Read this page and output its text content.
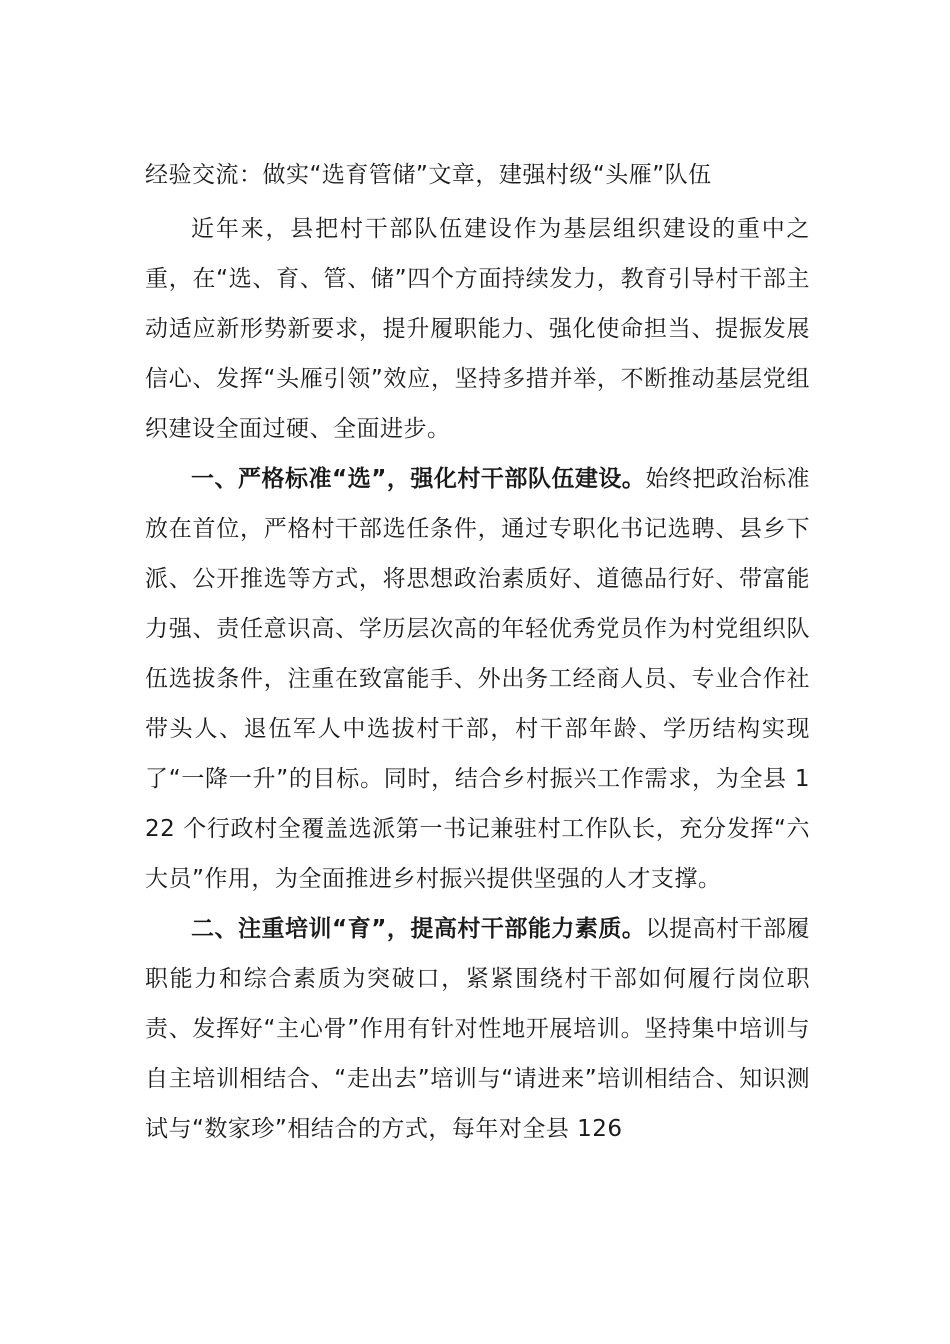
经验交流：做实“选育管储”文章，建强村级“头雁”队伍

近年来，县把村干部队伍建设作为基层组织建设的重中之重，在“选、育、管、储”四个方面持续发力，教育引导村干部主动适应新形势新要求，提升履职能力、强化使命担当、提振发展信心、发挥“头雁引领”效应，坚持多措并举，不断推动基层党组织建设全面过硬、全面进步。

一、严格标准“选”，强化村干部队伍建设。始终把政治标准放在首位，严格村干部选任条件，通过专职化书记选聘、县乡下派、公开推选等方式，将思想政治素质好、道德品行好、带富能力强、责任意识高、学历层次高的年轻优秀党员作为村党组织队伍选拔条件，注重在致富能手、外出务工经商人员、专业合作社带头人、退伍军人中选拔村干部，村干部年龄、学历结构实现了“一降一升”的目标。同时，结合乡村振兴工作需求，为全县 122 个行政村全覆盖选派第一书记兼驻村工作队长，充分发挥“六大员”作用，为全面推进乡村振兴提供坚强的人才支撑。

二、注重培训“育”，提高村干部能力素质。以提高村干部履职能力和综合素质为突破口，紧紧围绕村干部如何履行岗位职责、发挥好“主心骨”作用有针对性地开展培训。坚持集中培训与自主培训相结合、“走出去”培训与“请进来”培训相结合、知识测试与“数家珍”相结合的方式，每年对全县 126
